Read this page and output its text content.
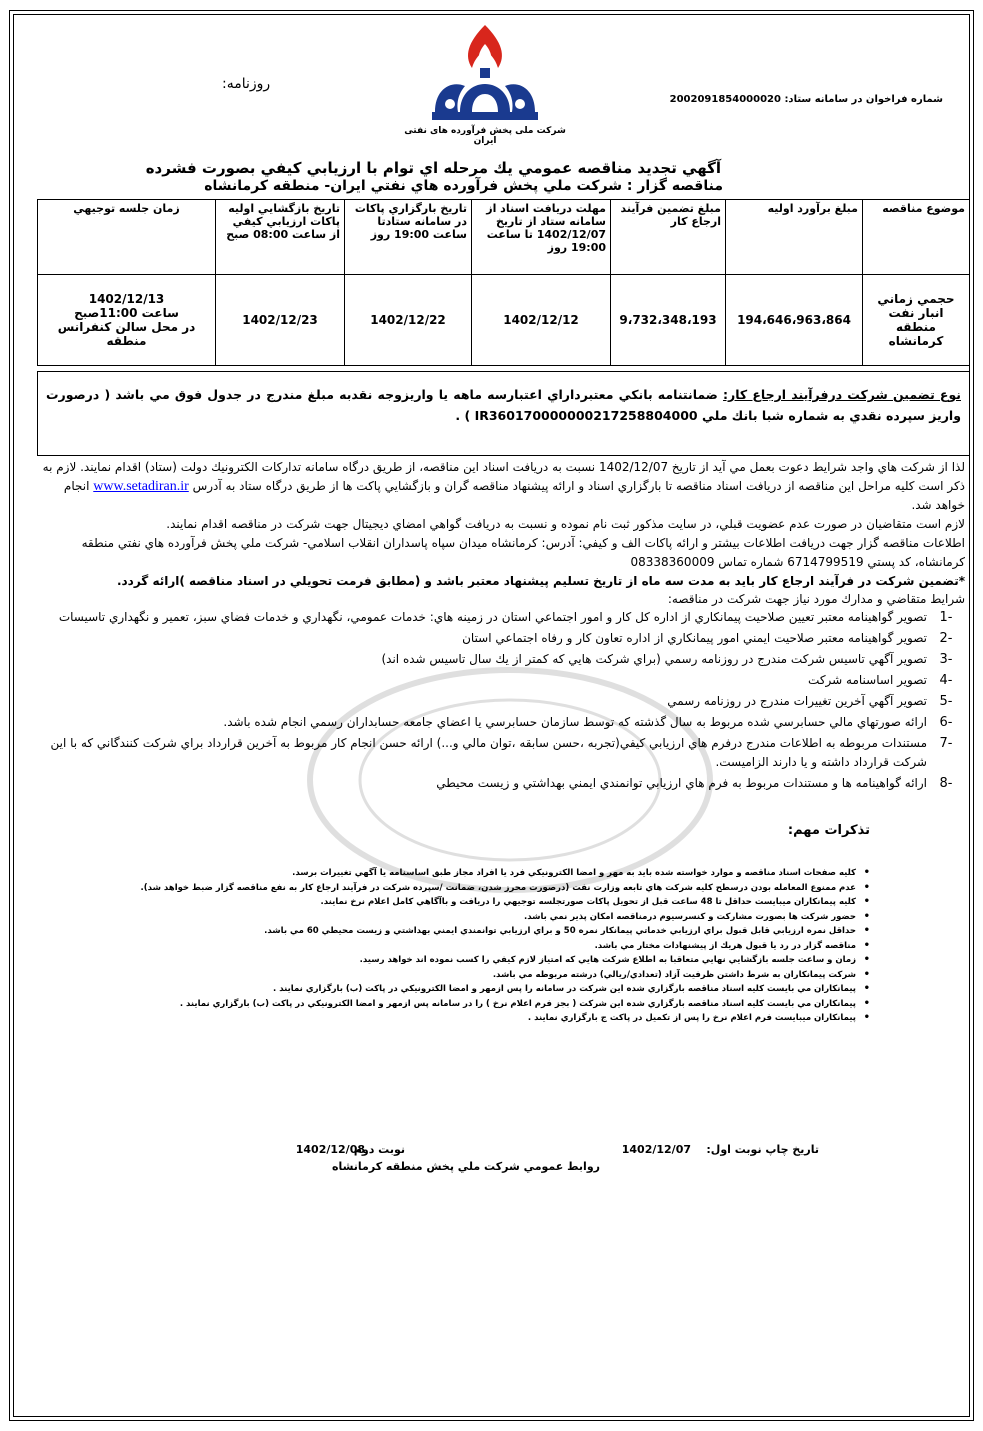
شماره فراخوان در سامانه ستاد: 2002091854000020
روزنامه:
شرکت ملی پخش فرآورده های نفتی ایران
آگهي تجديد مناقصه عمومي يك مرحله اي توام با ارزيابي كيفي بصورت فشرده
مناقصه گزار : شركت ملي پخش فرآورده هاي نفتي ايران- منطقه كرمانشاه
موضوع مناقصه	مبلغ برآورد اوليه	مبلغ تضمين فرآيند ارجاع كار	مهلت دريافت اسناد از سامانه ستاد از تاريخ 1402/12/07 تا ساعت 19:00 روز	تاريخ بارگزاري پاكات در سامانه ستادتا ساعت 19:00 روز	تاريخ بازگشايي اوليه پاكات ارزيابي كيفي از ساعت 08:00 صبح	زمان جلسه توجيهي
حجمي زماني انبار نفت منطقه كرمانشاه	194،646،963،864	9،732،348،193	1402/12/12	1402/12/22	1402/12/23	1402/12/13
ساعت 11:00صبح
در محل سالن كنفرانس منطقه

نوع تضمين شركت درفرآيند ارجاع كار: ضمانتنامه بانكي معتبرداراي اعتبارسه ماهه يا واريزوجه نقدبه مبلغ مندرج در جدول فوق مي باشد ( درصورت واريز سپرده نقدي به شماره شبا بانك ملي IR360170000000217258804000 ) .

لذا از شركت هاي واجد شرايط دعوت بعمل مي آيد از تاريخ 1402/12/07 نسبت به دريافت اسناد اين مناقصه، از طريق درگاه سامانه تداركات الكترونيك دولت (ستاد) اقدام نمايند. لازم به ذكر است كليه مراحل اين مناقصه از دريافت اسناد مناقصه تا بارگزاري اسناد و ارائه پيشنهاد مناقصه گران و بازگشايي پاكت ها از طريق درگاه ستاد به آدرس www.setadiran.ir انجام خواهد شد.
لازم است متقاضيان در صورت عدم عضويت قبلي، در سايت مذكور ثبت نام نموده و نسبت به دريافت گواهي امضاي ديجيتال جهت شركت در مناقصه اقدام نمايند.
اطلاعات مناقصه گزار جهت دريافت اطلاعات بيشتر و ارائه پاكات الف و كيفي: آدرس: كرمانشاه ميدان سپاه پاسداران انقلاب اسلامي- شركت ملي پخش فرآورده هاي نفتي منطقه كرمانشاه، كد پستي 6714799519 شماره تماس 08338360009
*تضمين شركت در فرآيند ارجاع كار بايد به مدت سه ماه از تاريخ تسليم پيشنهاد معتبر باشد و (مطابق فرمت تحويلي در اسناد مناقصه )ارائه گردد.
شرايط متقاضي و مدارك مورد نياز جهت شركت در مناقصه:
-1
تصوير گواهينامه معتبر تعيين صلاحيت پيمانكاري از اداره كل كار و امور اجتماعي استان در زمينه هاي: خدمات عمومي، نگهداري و خدمات فضاي سبز، تعمير و نگهداري تاسيسات
-2
تصوير گواهينامه معتبر صلاحيت ايمني امور پيمانكاري از اداره تعاون كار و رفاه اجتماعي استان
-3
تصوير آگهي تاسيس شركت مندرج در روزنامه رسمي (براي شركت هايي كه كمتر از يك سال تاسيس شده اند)
-4
تصوير اساسنامه شركت
-5
تصوير آگهي آخرين تغييرات مندرج در روزنامه رسمي
-6
ارائه صورتهاي مالي حسابرسي شده مربوط به سال گذشته كه توسط سازمان حسابرسي يا اعضاي جامعه حسابداران رسمي انجام شده باشد.
-7
مستندات مربوطه به اطلاعات مندرج درفرم هاي ارزيابي كيفي(تجربه ،حسن سابقه ،توان مالي و...) ارائه حسن انجام كار مربوط به آخرين قرارداد براي شركت كنندگاني كه با اين شركت قرارداد داشته و يا دارند الزاميست.
-8
ارائه گواهينامه ها و مستندات مربوط به فرم هاي ارزيابي توانمندي ايمني بهداشتي و زيست محيطي
تذكرات مهم:
• كليه صفحات اسناد مناقصه و موارد خواسته شده بايد به مهر و امضا الكترونيكي فرد يا افراد مجاز طبق اساسنامه يا آگهي تغييرات برسد.
• عدم ممنوع المعامله بودن درسطح كليه شركت هاي تابعه وزارت نفت (درصورت محرز شدن، ضمانت /سپرده شركت در فرآيند ارجاع كار به نفع مناقصه گزار ضبط خواهد شد).
• كليه پيمانكاران ميبايست حداقل تا 48 ساعت قبل از تحويل پاكات صورتجلسه توجيهي را دريافت و باآگاهي كامل اعلام نرخ نمايند.
• حضور شركت ها بصورت مشاركت و كنسرسيوم درمناقصه امكان پذير نمي باشد.
• حداقل نمره ارزيابي قابل قبول براي ارزيابي خدماتي پيمانكار نمره 50 و براي ارزيابي توانمندي ايمني بهداشتي و زيست محيطي 60 مي باشد.
• مناقصه گزار در رد يا قبول هريك از پيشنهادات مختار مي باشد.
• زمان و ساعت جلسه بازگشايي نهايي متعاقبا به اطلاع شركت هايي كه امتياز لازم كيفي را كسب نموده اند خواهد رسيد.
• شركت پيمانكاران به شرط داشتن ظرفيت آزاد (تعدادي/ريالي) درشته مربوطه مي باشد.
• پيمانكاران مي بايست كليه اسناد مناقصه بارگزاري شده اين شركت در سامانه را پس ازمهر و امضا الكترونيكي در پاكت (ب) بارگزاري نمايند .
• پيمانكاران مي بايست كليه اسناد مناقصه بارگزاري شده اين شركت ( بجز فرم اعلام نرخ ) را در سامانه پس ازمهر و امضا الكترونيكي در پاكت (ب) بارگزاري نمايند .
• پيمانكاران ميبايست فرم اعلام نرخ را پس از تكميل در پاكت ج بارگزاري نمايند .
تاريخ چاپ نوبت اول:
1402/12/07
نوبت دوم
1402/12/08
روابط عمومي شركت ملي پخش منطقه كرمانشاه
